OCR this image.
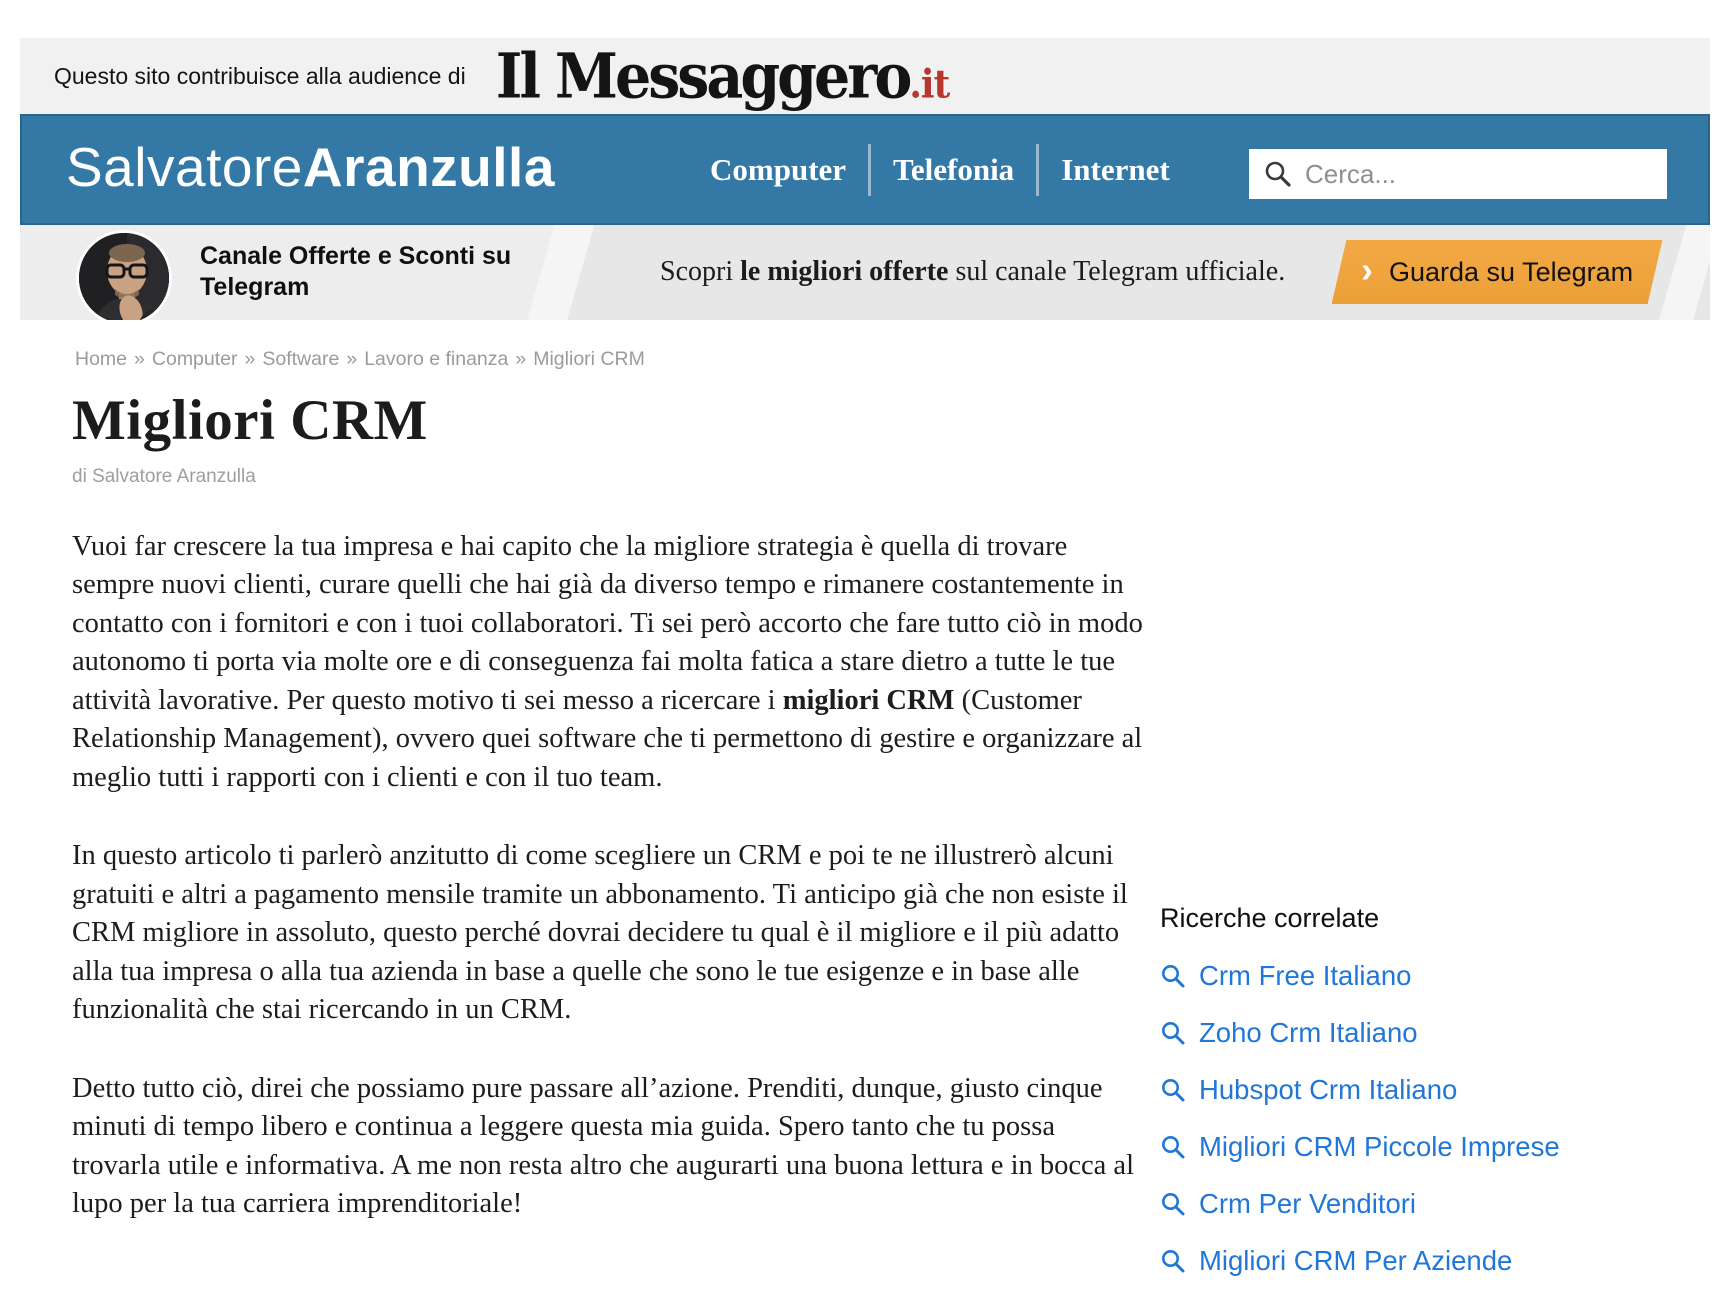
Questo sito contribuisce alla audience di Il Messaggero.it
SalvatoreAranzulla	Computer	Telefonia	Internet
Cerca...
Canale Offerte e Sconti su Telegram	Scopri le migliori offerte sul canale Telegram ufficiale. › Guarda su Telegram
Home » Computer » Software » Lavoro e finanza » Migliori CRM
Migliori CRM
di Salvatore Aranzulla

Vuoi far crescere la tua impresa e hai capito che la migliore strategia è quella di trovare sempre nuovi clienti, curare quelli che hai già da diverso tempo e rimanere costantemente in contatto con i fornitori e con i tuoi collaboratori. Ti sei però accorto che fare tutto ciò in modo autonomo ti porta via molte ore e di conseguenza fai molta fatica a stare dietro a tutte le tue attività lavorative. Per questo motivo ti sei messo a ricercare i migliori CRM (Customer Relationship Management), ovvero quei software che ti permettono di gestire e organizzare al meglio tutti i rapporti con i clienti e con il tuo team.

In questo articolo ti parlerò anzitutto di come scegliere un CRM e poi te ne illustrerò alcuni gratuiti e altri a pagamento mensile tramite un abbonamento. Ti anticipo già che non esiste il CRM migliore in assoluto, questo perché dovrai decidere tu qual è il migliore e il più adatto alla tua impresa o alla tua azienda in base a quelle che sono le tue esigenze e in base alle funzionalità che stai ricercando in un CRM.

Detto tutto ciò, direi che possiamo pure passare all’azione. Prenditi, dunque, giusto cinque minuti di tempo libero e continua a leggere questa mia guida. Spero tanto che tu possa trovarla utile e informativa. A me non resta altro che augurarti una buona lettura e in bocca al lupo per la tua carriera imprenditoriale!

Ricerche correlate
Crm Free Italiano
Zoho Crm Italiano
Hubspot Crm Italiano
Migliori CRM Piccole Imprese
Crm Per Venditori
Migliori CRM Per Aziende
